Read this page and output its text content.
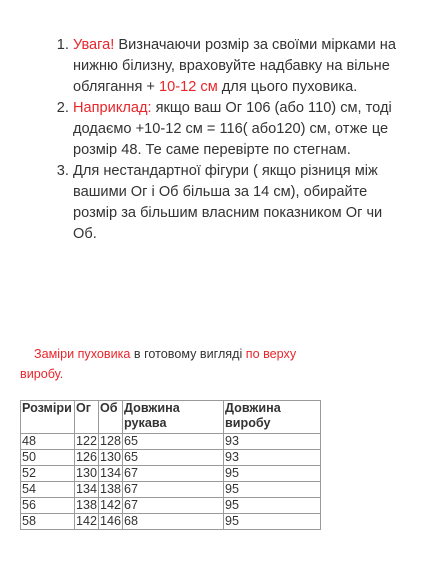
1. Увага! Визначаючи розмір за своїми мірками на нижню білизну, враховуйте надбавку на вільне облягання + 10-12 см для цього пуховика.
2. Наприклад: якщо ваш Ог 106 (або 110) см, тоді додаємо +10-12 см = 116( або120) см, отже це розмір 48. Те саме перевірте по стегнам.
3. Для нестандартної фігури ( якщо різниця між вашими Ог і Об більша за 14 см), обирайте розмір за більшим власним показником Ог чи Об.

Заміри пуховика в готовому вигляді по верху виробу.

Розміри	Ог	Об	Довжина рукава	Довжина виробу
48	122	128	65	93
50	126	130	65	93
52	130	134	67	95
54	134	138	67	95
56	138	142	67	95
58	142	146	68	95
